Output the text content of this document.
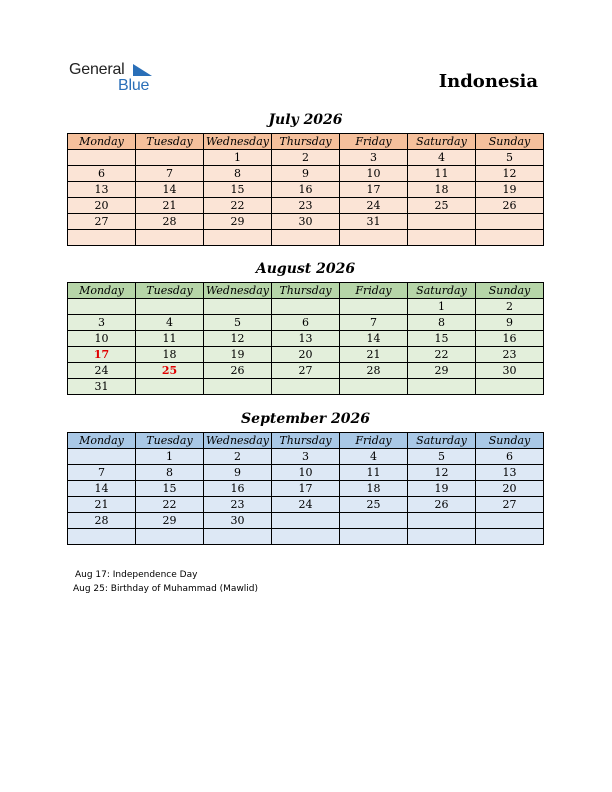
General
Blue	Indonesia
July 2026
Monday	Tuesday	Wednesday	Thursday	Friday	Saturday	Sunday
		1	2	3	4	5
6	7	8	9	10	11	12
13	14	15	16	17	18	19
20	21	22	23	24	25	26
27	28	29	30	31		

August 2026
Monday	Tuesday	Wednesday	Thursday	Friday	Saturday	Sunday
					1	2
3	4	5	6	7	8	9
10	11	12	13	14	15	16
17	18	19	20	21	22	23
24	25	26	27	28	29	30
31						
September 2026
Monday	Tuesday	Wednesday	Thursday	Friday	Saturday	Sunday
	1	2	3	4	5	6
7	8	9	10	11	12	13
14	15	16	17	18	19	20
21	22	23	24	25	26	27
28	29	30				

Aug 17: Independence Day
Aug 25: Birthday of Muhammad (Mawlid)
